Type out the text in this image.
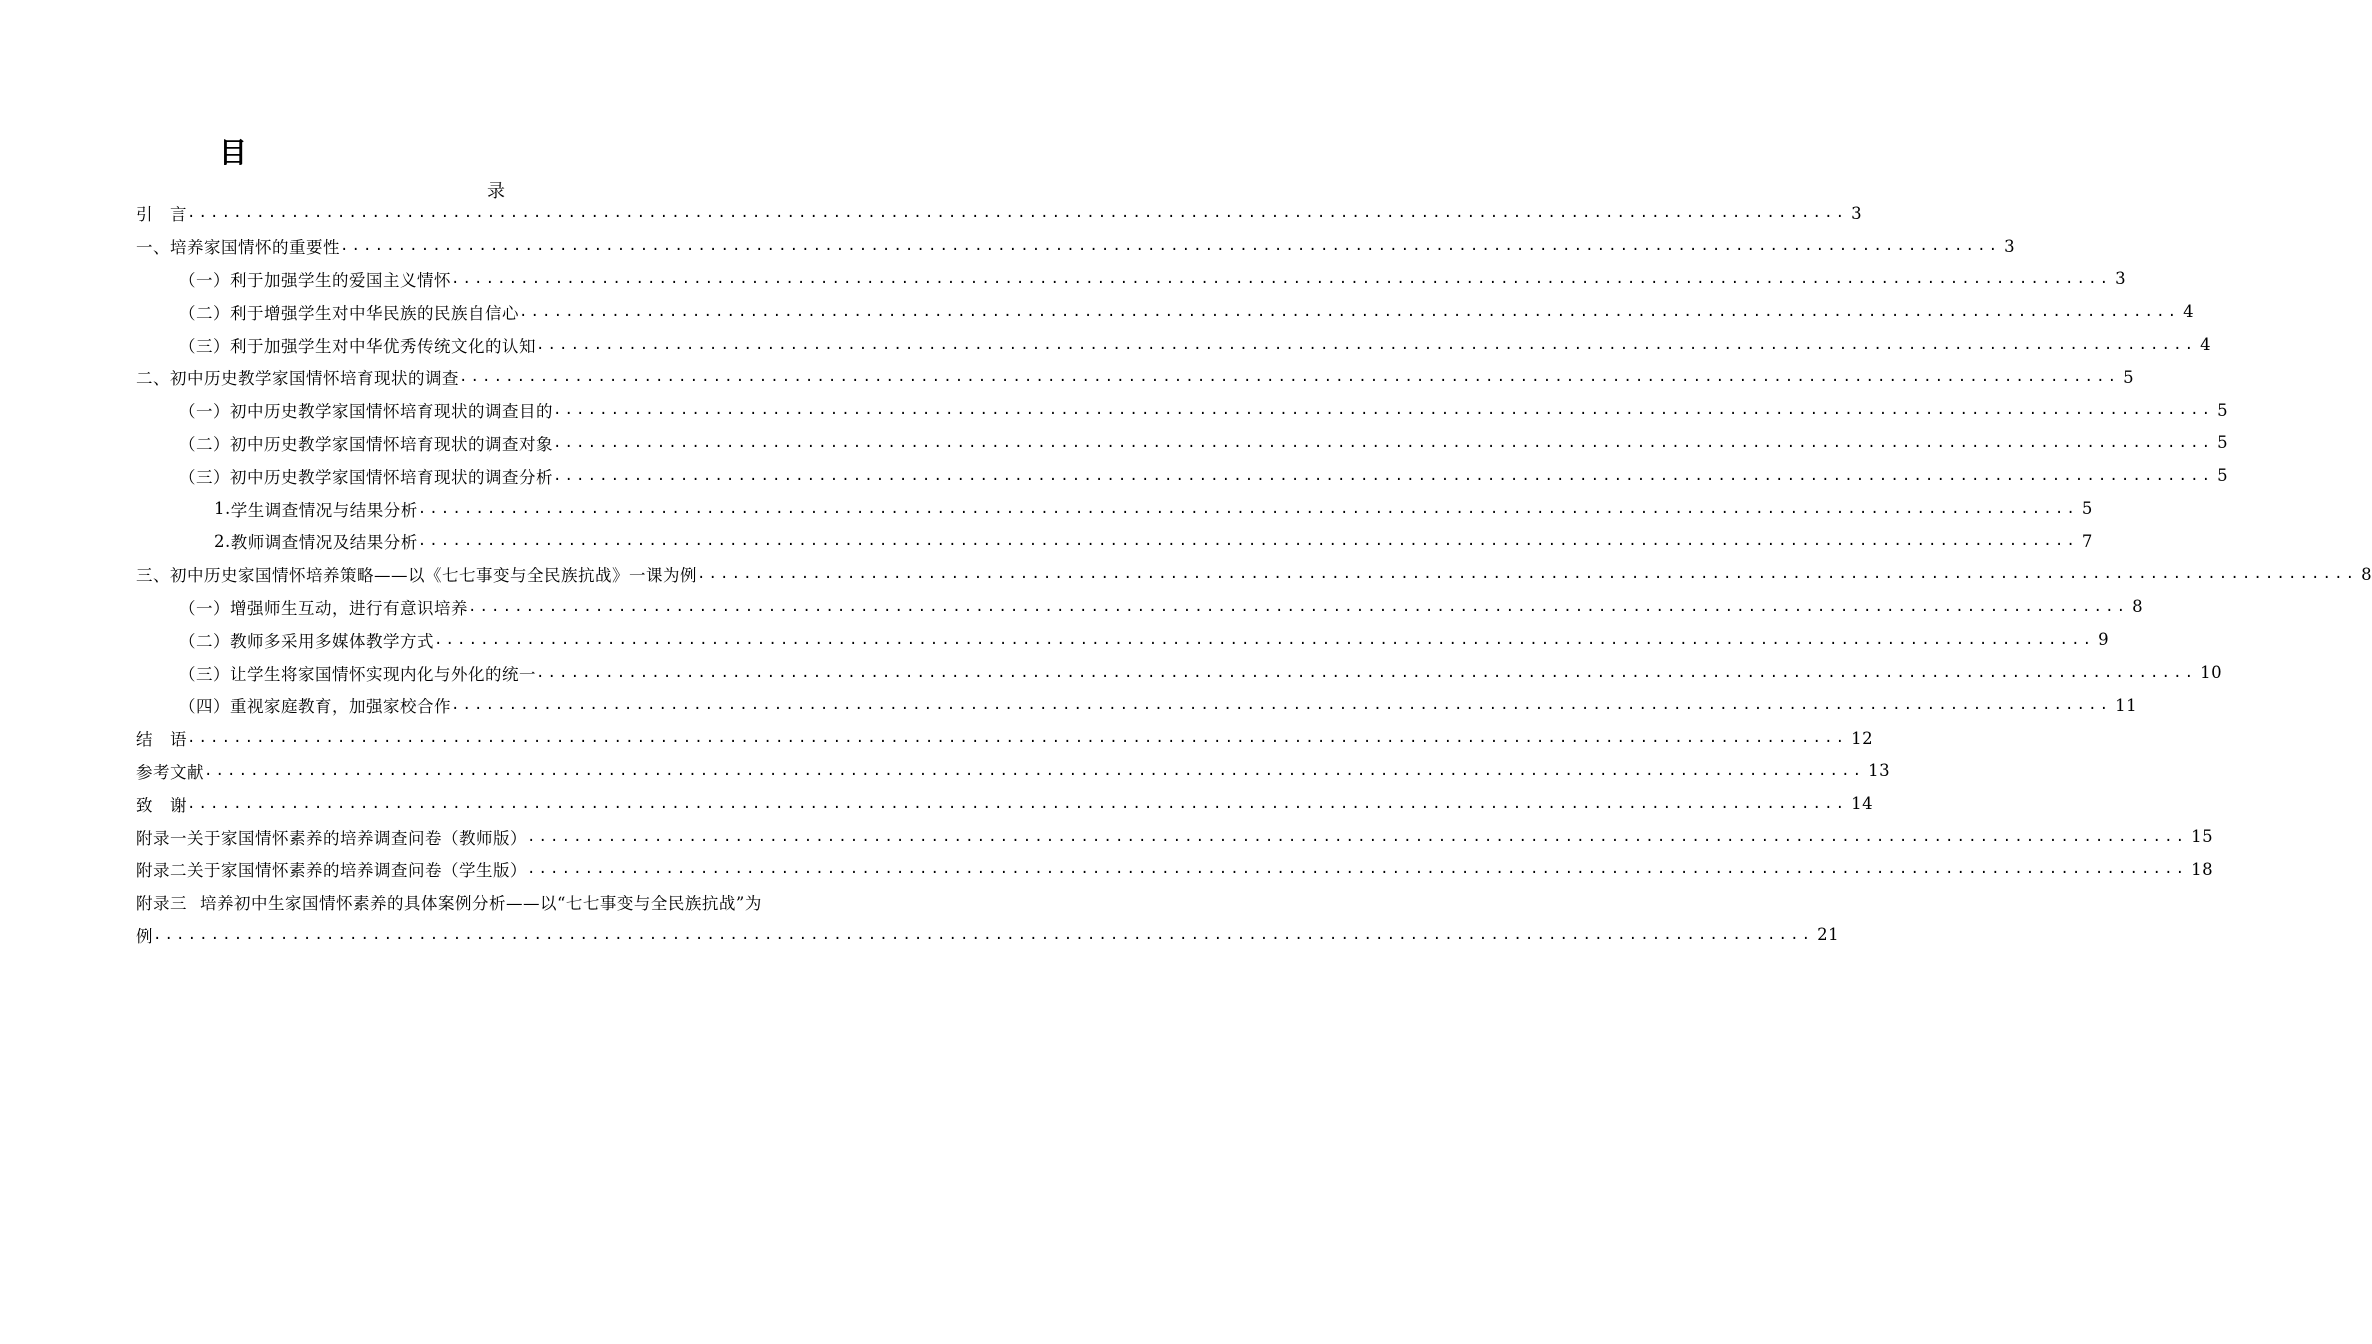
目
录
引　言 ................................................................................................................................................ 3
一、 培养家国情怀的重要性 ................................................................................................................................................ 3
（一） 利于加强学生的爱国主义情怀 ................................................................................................................................................ 3
（二） 利于增强学生对中华民族的民族自信心 ................................................................................................................................................ 4
（三） 利于加强学生对中华优秀传统文化的认知 ................................................................................................................................................ 4
二、 初中历史教学家国情怀培育现状的调查 ................................................................................................................................................ 5
（一） 初中历史教学家国情怀培育现状的调查目的 ................................................................................................................................................ 5
（二） 初中历史教学家国情怀培育现状的调查对象 ................................................................................................................................................ 5
（三） 初中历史教学家国情怀培育现状的调查分析 ................................................................................................................................................ 5
1. 学生调查情况与结果分析 ................................................................................................................................................ 5
2. 教师调查情况及结果分析 ................................................................................................................................................ 7
三、 初中历史家国情怀培养策略——以《七七事变与全民族抗战》一课为例 ................................................................................................................................................ 8
（一） 增强师生互动，进行有意识培养 ................................................................................................................................................ 8
（二） 教师多采用多媒体教学方式 ................................................................................................................................................ 9
（三） 让学生将家国情怀实现内化与外化的统一 ................................................................................................................................................ 10
（四） 重视家庭教育，加强家校合作 ................................................................................................................................................ 11
结　语 ................................................................................................................................................ 12
参考文献 ................................................................................................................................................ 13
致　谢 ................................................................................................................................................ 14
附录一 关于家国情怀素养的培养调查问卷（教师版） ................................................................................................................................................ 15
附录二 关于家国情怀素养的培养调查问卷（学生版） ................................................................................................................................................ 18
附录三 培养初中生家国情怀素养的具体案例分析——以“七七事变与全民族抗战”为
例 ................................................................................................................................................ 21
